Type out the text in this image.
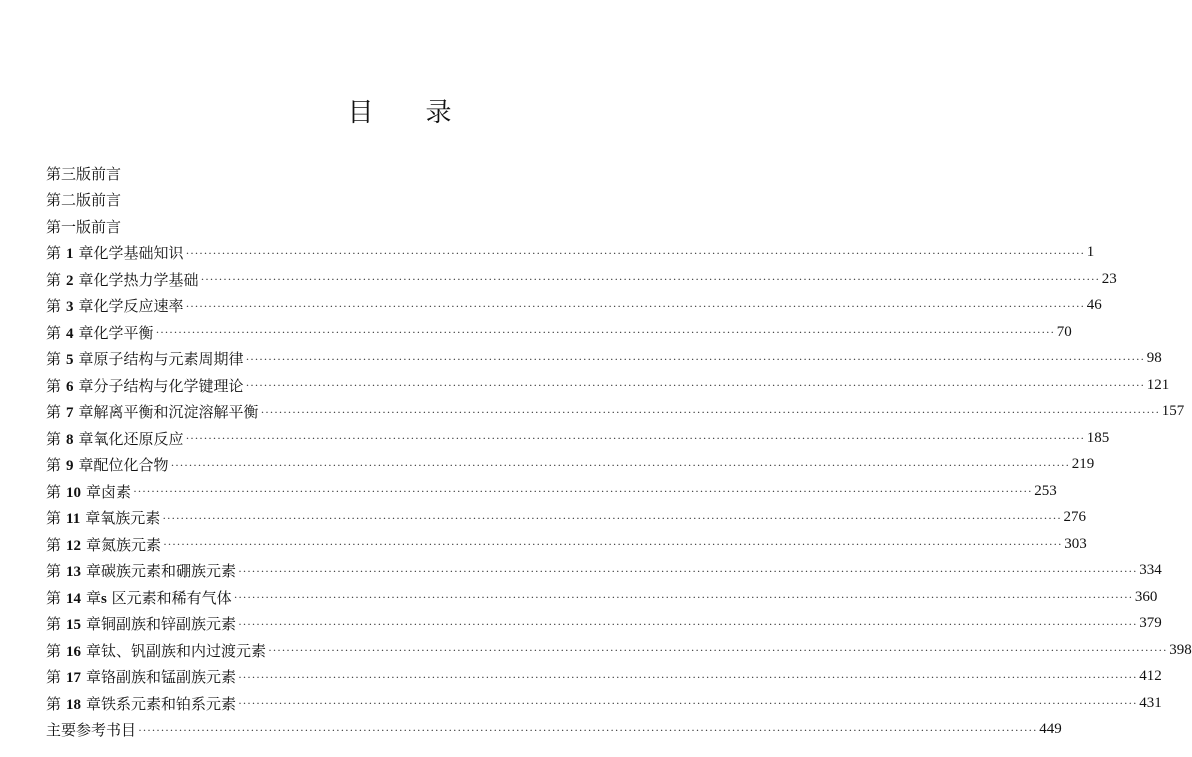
目 录
第三版前言
第二版前言
第一版前言
第 1 章 化学基础知识 ········································································································································································································ 1
第 2 章 化学热力学基础 ········································································································································································································ 23
第 3 章 化学反应速率 ········································································································································································································ 46
第 4 章 化学平衡 ········································································································································································································ 70
第 5 章 原子结构与元素周期律 ········································································································································································································ 98
第 6 章 分子结构与化学键理论 ········································································································································································································ 121
第 7 章 解离平衡和沉淀溶解平衡 ········································································································································································································ 157
第 8 章 氧化还原反应 ········································································································································································································ 185
第 9 章 配位化合物 ········································································································································································································ 219
第 10 章 卤素 ········································································································································································································ 253
第 11 章 氧族元素 ········································································································································································································ 276
第 12 章 氮族元素 ········································································································································································································ 303
第 13 章 碳族元素和硼族元素 ········································································································································································································ 334
第 14 章 s 区元素和稀有气体 ········································································································································································································ 360
第 15 章 铜副族和锌副族元素 ········································································································································································································ 379
第 16 章 钛、钒副族和内过渡元素 ········································································································································································································ 398
第 17 章 铬副族和锰副族元素 ········································································································································································································ 412
第 18 章 铁系元素和铂系元素 ········································································································································································································ 431
主要参考书目 ········································································································································································································ 449
